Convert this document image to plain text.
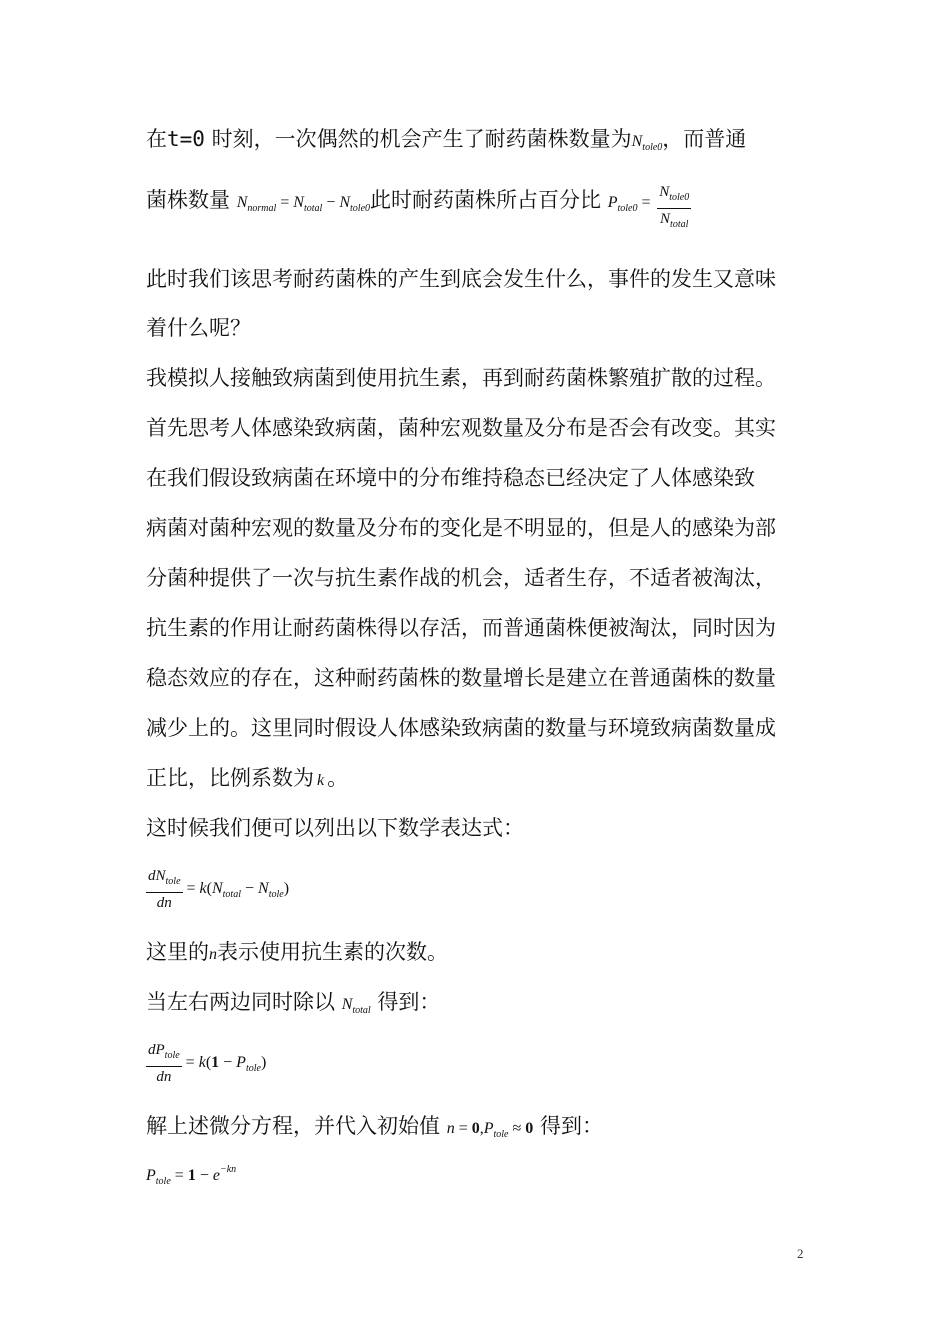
在t=0 时刻，一次偶然的机会产生了耐药菌株数量为$N_{tole0}$，而普通
菌株数量 $N_{normal} = N_{total} - N_{tole0}$此时耐药菌株所占百分比 $P_{tole0} = \frac{N_{tole0}}{N_{total}}$
此时我们该思考耐药菌株的产生到底会发生什么，事件的发生又意味
着什么呢？
我模拟人接触致病菌到使用抗生素，再到耐药菌株繁殖扩散的过程。
首先思考人体感染致病菌，菌种宏观数量及分布是否会有改变。其实
在我们假设致病菌在环境中的分布维持稳态已经决定了人体感染致
病菌对菌种宏观的数量及分布的变化是不明显的，但是人的感染为部
分菌种提供了一次与抗生素作战的机会，适者生存，不适者被淘汰，
抗生素的作用让耐药菌株得以存活，而普通菌株便被淘汰，同时因为
稳态效应的存在，这种耐药菌株的数量增长是建立在普通菌株的数量
减少上的。这里同时假设人体感染致病菌的数量与环境致病菌数量成
正比，比例系数为 k 。
这时候我们便可以列出以下数学表达式：
$\frac{dN_{tole}}{dn} = k(N_{total} - N_{tole})$
这里的n表示使用抗生素的次数。
当左右两边同时除以 $N_{total}$ 得到：
$\frac{dP_{tole}}{dn} = k(1 - P_{tole})$
解上述微分方程，并代入初始值 $n = 0,P_{tole} \approx 0$ 得到：
$P_{tole} = 1 - e^{-kn}$
2
